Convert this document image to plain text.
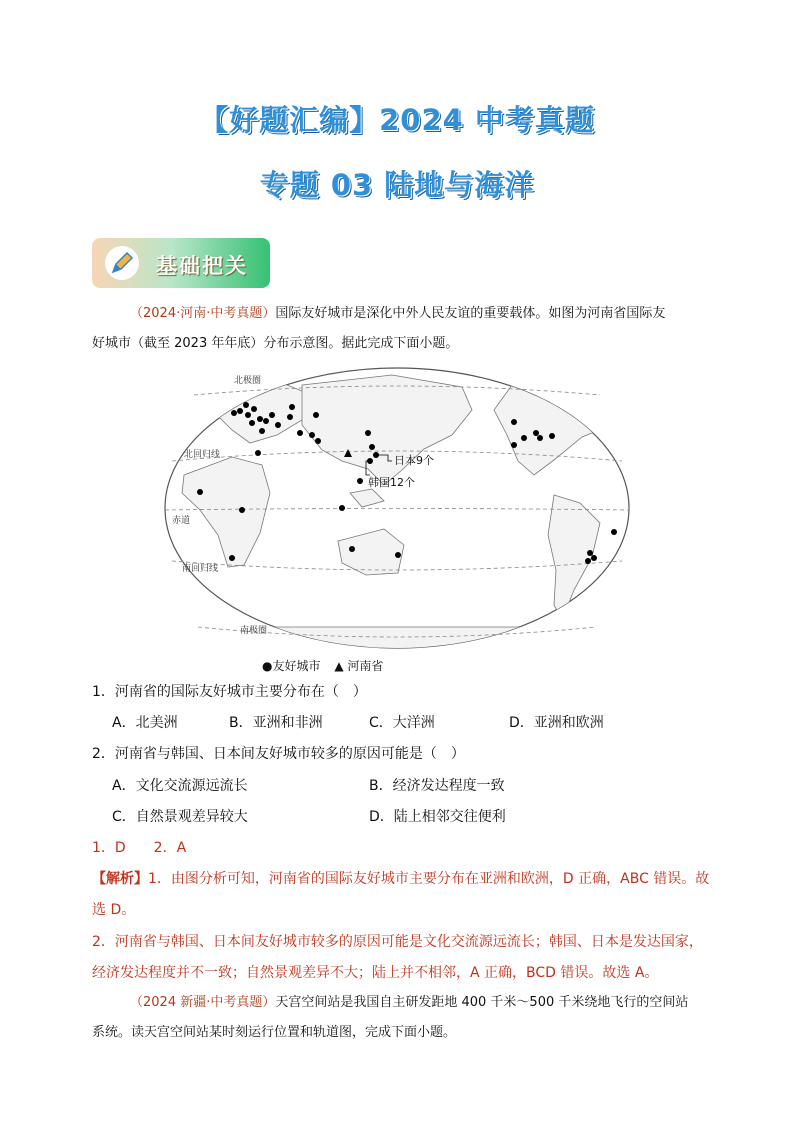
【好题汇编】2024 中考真题
专题 03 陆地与海洋
基础把关
（2024·河南·中考真题）国际友好城市是深化中外人民友谊的重要载体。如图为河南省国际友
好城市（截至 2023 年年底）分布示意图。据此完成下面小题。
北极圈
北回归线
赤道
南回归线
南极圈
日本9个
韩国12个
●友好城市 ▲ 河南省
1．河南省的国际友好城市主要分布在（　）
A．北美洲	B．亚洲和非洲	C．大洋洲	D．亚洲和欧洲
2．河南省与韩国、日本间友好城市较多的原因可能是（　）
A．文化交流源远流长	B．经济发达程度一致
C．自然景观差异较大	D．陆上相邻交往便利
1．D　　2．A
【解析】1．由图分析可知，河南省的国际友好城市主要分布在亚洲和欧洲，D 正确，ABC 错误。故
选 D。
2．河南省与韩国、日本间友好城市较多的原因可能是文化交流源远流长；韩国、日本是发达国家，
经济发达程度并不一致；自然景观差异不大；陆上并不相邻，A 正确，BCD 错误。故选 A。
（2024 新疆·中考真题）天宫空间站是我国自主研发距地 400 千米～500 千米绕地飞行的空间站
系统。读天宫空间站某时刻运行位置和轨道图，完成下面小题。
